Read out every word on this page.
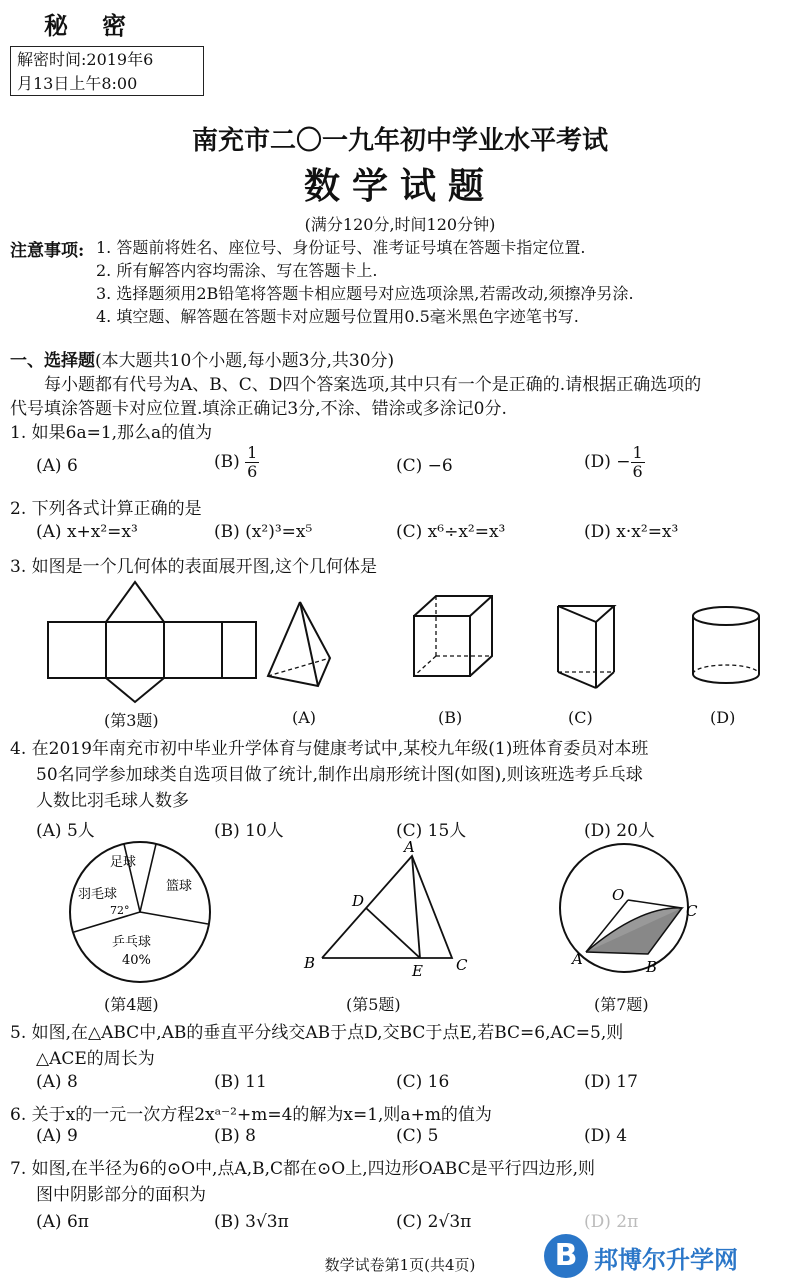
秘密
解密时间:2019年6
月13日上午8:00
南充市二〇一九年初中学业水平考试
数学试题
(满分120分,时间120分钟)
注意事项: 1. 答题前将姓名、座位号、身份证号、准考证号填在答题卡指定位置.
2. 所有解答内容均需涂、写在答题卡上.
3. 选择题须用2B铅笔将答题卡相应题号对应选项涂黑,若需改动,须擦净另涂.
4. 填空题、解答题在答题卡对应题号位置用0.5毫米黑色字迹笔书写.
一、选择题(本大题共10个小题,每小题3分,共30分)
每小题都有代号为A、B、C、D四个答案选项,其中只有一个是正确的.请根据正确选项的
代号填涂答题卡对应位置.填涂正确记3分,不涂、错涂或多涂记0分.
1. 如果6a=1,那么a的值为
(A) 6	$(B) \frac{1}{6}$	(C) −6	$(D) - \frac{1}{6}$
2. 下列各式计算正确的是
(A) x+x²=x³	(B) (x²)³=x⁵	(C) x⁶÷x²=x³	(D) x·x²=x³
3. 如图是一个几何体的表面展开图,这个几何体是
(第3题)	(A)	(B)	(C)	(D)
4. 在2019年南充市初中毕业升学体育与健康考试中,某校九年级(1)班体育委员对本班
50名同学参加球类自选项目做了统计,制作出扇形统计图(如图),则该班选考乒乓球
人数比羽毛球人数多
(A) 5人	(B) 10人	(C) 15人	(D) 20人
足球
篮球
羽毛球
72°
乒乓球
40%
A
B	C
D
E
O
A	B
C
(第4题)	(第5题)	(第7题)
5. 如图,在△ABC中,AB的垂直平分线交AB于点D,交BC于点E,若BC=6,AC=5,则
△ACE的周长为
(A) 8	(B) 11	(C) 16	(D) 17
6. 关于x的一元一次方程2xᵃ⁻²+m=4的解为x=1,则a+m的值为
(A) 9	(B) 8	(C) 5	(D) 4
7. 如图,在半径为6的⊙O中,点A,B,C都在⊙O上,四边形OABC是平行四边形,则
图中阴影部分的面积为
(A) 6π	(B) 3√3π	(C) 2√3π	(D) 2π
数学试卷第1页(共4页)	B 邦博尔升学网
